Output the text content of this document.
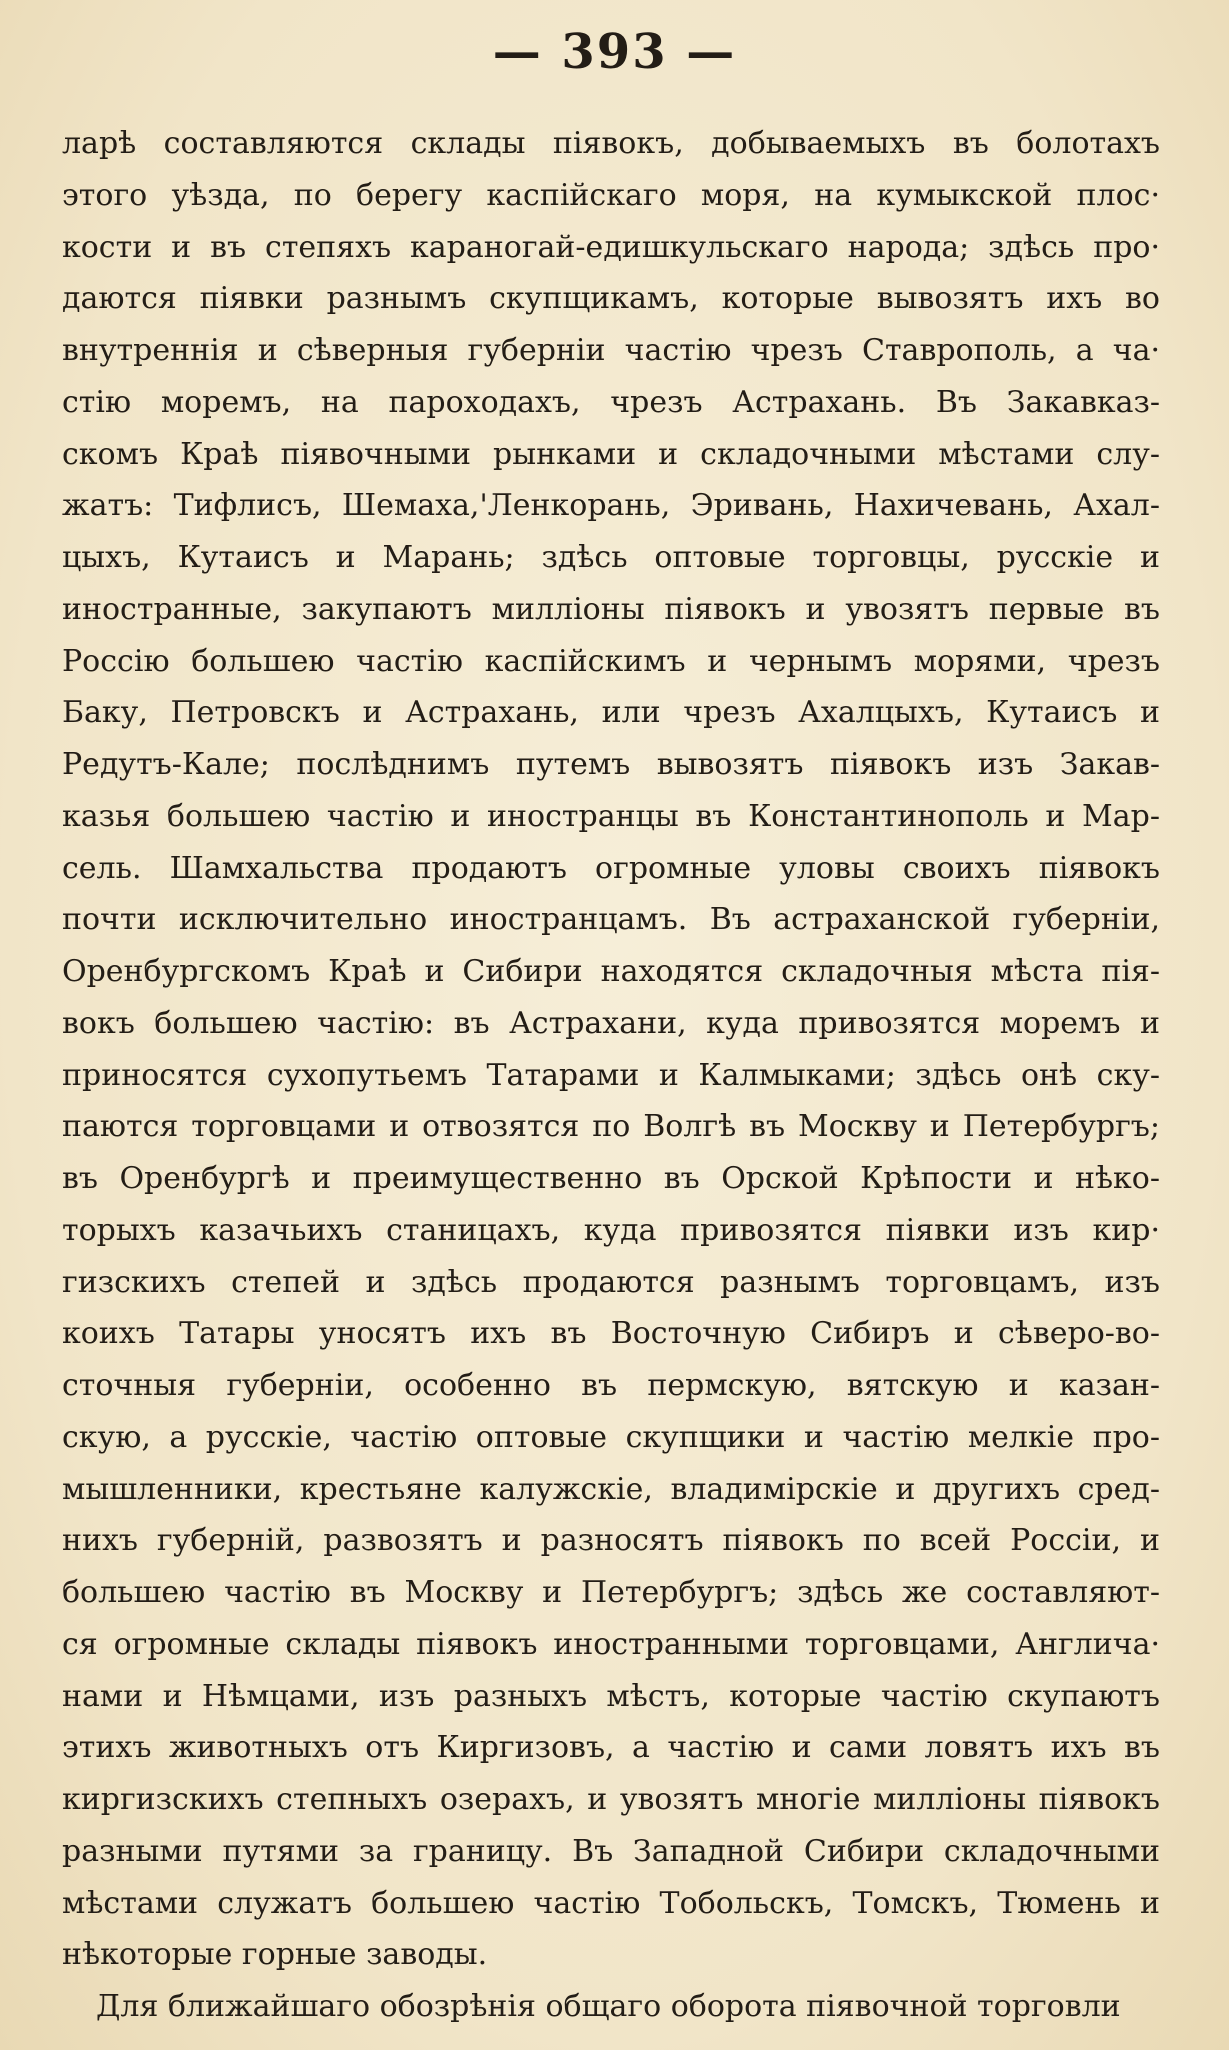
— 393 —
ларѣ составляются склады піявокъ, добываемыхъ въ болотахъ
этого уѣзда, по берегу каспійскаго моря, на кумыкской плос·
кости и въ степяхъ караногай-едишкульскаго народа; здѣсь про·
даются піявки разнымъ скупщикамъ, которые вывозятъ ихъ во
внутреннія и сѣверныя губерніи частію чрезъ Ставрополь, а ча·
стію моремъ, на пароходахъ, чрезъ Астрахань. Въ Закавказ-
скомъ Краѣ піявочными рынками и складочными мѣстами слу-
жатъ: Тифлисъ, Шемаха,'Ленкорань, Эривань, Нахичевань, Ахал-
цыхъ, Кутаисъ и Марань; здѣсь оптовые торговцы, русскіе и
иностранные, закупаютъ милліоны піявокъ и увозятъ первые въ
Россію большею частію каспійскимъ и чернымъ морями, чрезъ
Баку, Петровскъ и Астрахань, или чрезъ Ахалцыхъ, Кутаисъ и
Редутъ-Кале; послѣднимъ путемъ вывозятъ піявокъ изъ Закав-
казья большею частію и иностранцы въ Константинополь и Мар-
сель. Шамхальства продаютъ огромные уловы своихъ піявокъ
почти исключительно иностранцамъ. Въ астраханской губерніи,
Оренбургскомъ Краѣ и Сибири находятся складочныя мѣста пія-
вокъ большею частію: въ Астрахани, куда привозятся моремъ и
приносятся сухопутьемъ Татарами и Калмыками; здѣсь онѣ ску-
паются торговцами и отвозятся по Волгѣ въ Москву и Петербургъ;
въ Оренбургѣ и преимущественно въ Орской Крѣпости и нѣко-
торыхъ казачьихъ станицахъ, куда привозятся піявки изъ кир·
гизскихъ степей и здѣсь продаются разнымъ торговцамъ, изъ
коихъ Татары уносятъ ихъ въ Восточную Сибиръ и сѣверо-во-
сточныя губерніи, особенно въ пермскую, вятскую и казан-
скую, а русскіе, частію оптовые скупщики и частію мелкіе про-
мышленники, крестьяне калужскіе, владимірскіе и другихъ сред-
нихъ губерній, развозятъ и разносятъ піявокъ по всей Россіи, и
большею частію въ Москву и Петербургъ; здѣсь же составляют-
ся огромные склады піявокъ иностранными торговцами, Англича·
нами и Нѣмцами, изъ разныхъ мѣстъ, которые частію скупаютъ
этихъ животныхъ отъ Киргизовъ, а частію и сами ловятъ ихъ въ
киргизскихъ степныхъ озерахъ, и увозятъ многіе милліоны піявокъ
разными путями за границу. Въ Западной Сибири складочными
мѣстами служатъ большею частію Тобольскъ, Томскъ, Тюмень и
нѣкоторые горные заводы.
Для ближайшаго обозрѣнія общаго оборота піявочной торговли
